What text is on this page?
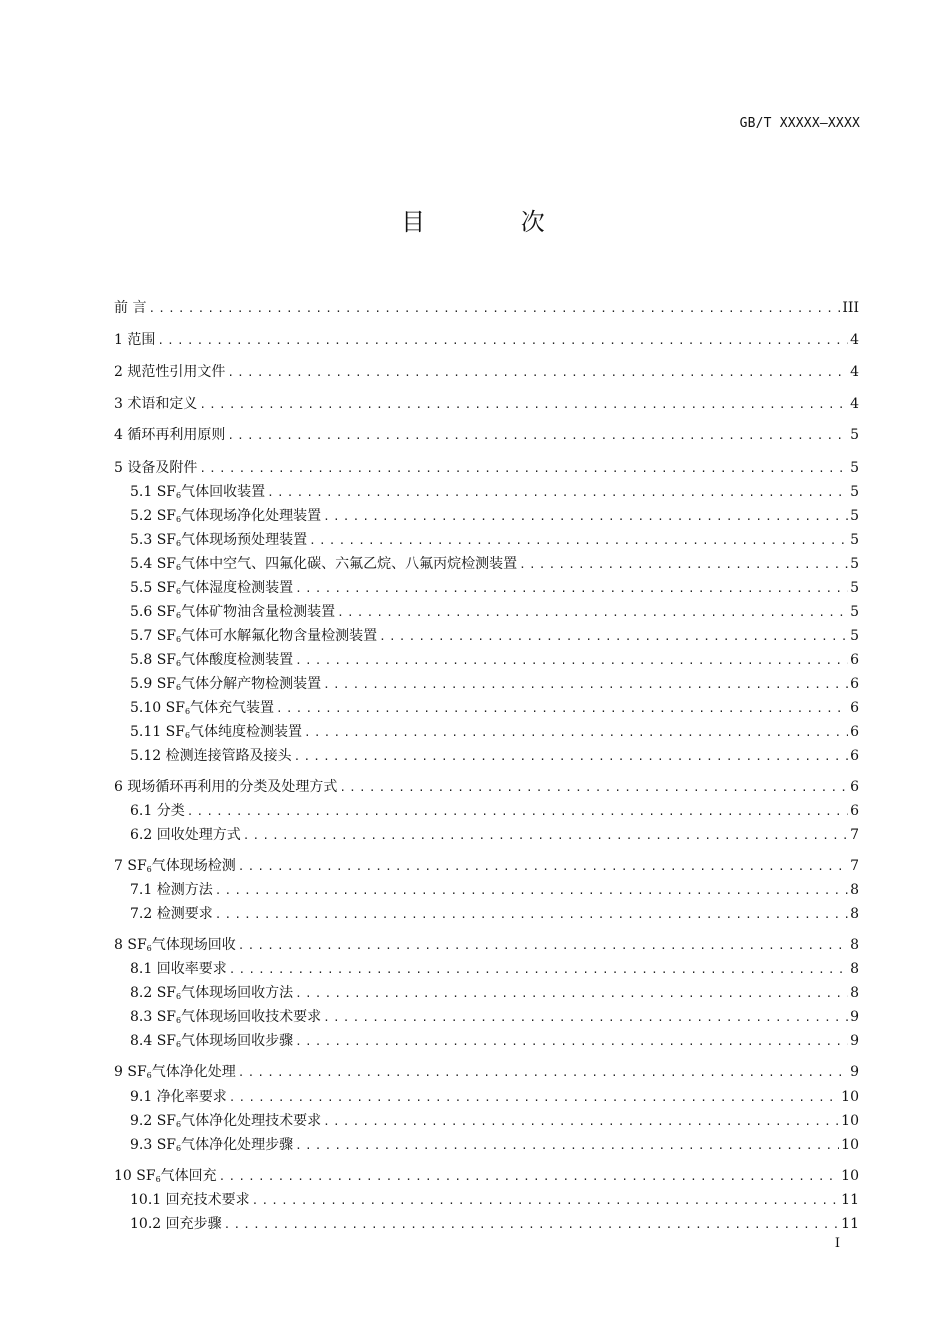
GB/T XXXXX—XXXX
目 次
前 言 .....	III
1 范围 .....	4
2 规范性引用文件 .....	4
3 术语和定义 .....	4
4 循环再利用原则 .....	5
5 设备及附件 .....	5
5.1 $SF_6$气体回收装置 .....	5
5.2 $SF_6$气体现场净化处理装置 .....	5
5.3 $SF_6$气体现场预处理装置 .....	5
5.4 $SF_6$气体中空气、四氟化碳、六氟乙烷、八氟丙烷检测装置 .....	5
5.5 $SF_6$气体湿度检测装置 .....	5
5.6 $SF_6$气体矿物油含量检测装置 .....	5
5.7 $SF_6$气体可水解氟化物含量检测装置 .....	5
5.8 $SF_6$气体酸度检测装置 .....	6
5.9 $SF_6$气体分解产物检测装置 .....	6
5.10 $SF_6$气体充气装置 .....	6
5.11 $SF_6$气体纯度检测装置 .....	6
5.12 检测连接管路及接头 .....	6
6 现场循环再利用的分类及处理方式 .....	6
6.1 分类 .....	6
6.2 回收处理方式 .....	7
7 $SF_6$气体现场检测 .....	7
7.1 检测方法 .....	8
7.2 检测要求 .....	8
8 $SF_6$气体现场回收 .....	8
8.1 回收率要求 .....	8
8.2 $SF_6$气体现场回收方法 .....	8
8.3 $SF_6$气体现场回收技术要求 .....	9
8.4 $SF_6$气体现场回收步骤 .....	9
9 $SF_6$气体净化处理 .....	9
9.1 净化率要求 .....	10
9.2 $SF_6$气体净化处理技术要求 .....	10
9.3 $SF_6$气体净化处理步骤 .....	10
10 $SF_6$气体回充 .....	10
10.1 回充技术要求 .....	11
10.2 回充步骤 .....	11
I
